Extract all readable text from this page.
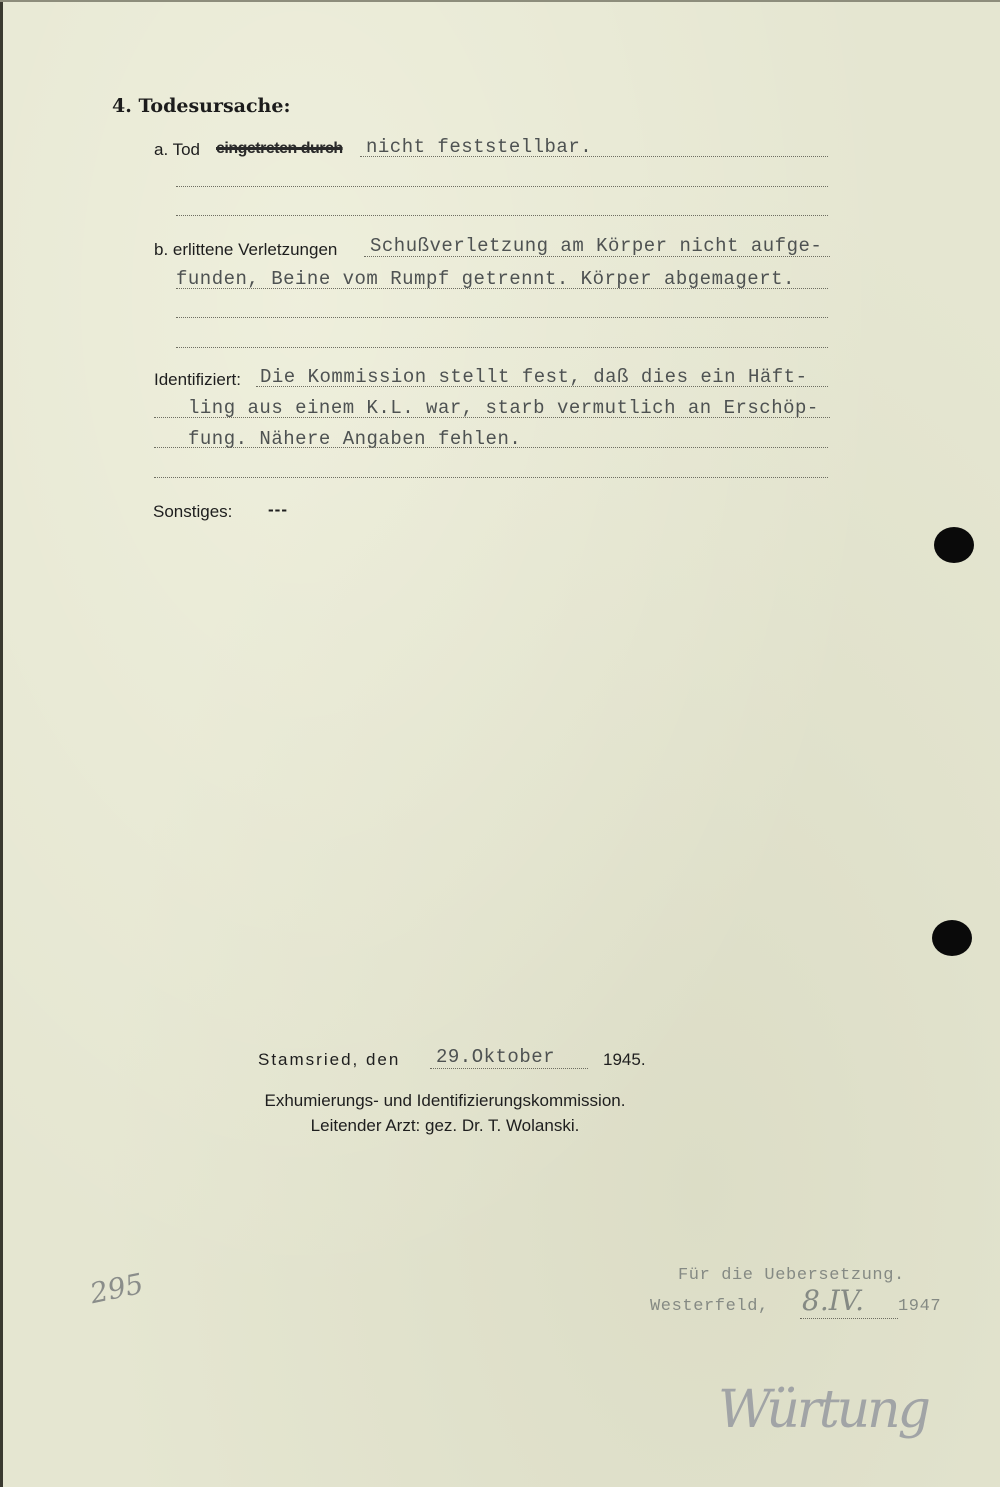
4. Todesursache:
a. Tod eingetreten durch nicht feststellbar.
b. erlittene Verletzungen Schußverletzung am Körper nicht aufge-
funden, Beine vom Rumpf getrennt. Körper abgemagert.
Identifiziert: Die Kommission stellt fest, daß dies ein Häft-
ling aus einem K.L. war, starb vermutlich an Erschöp-
fung. Nähere Angaben fehlen.
Sonstiges: ---
Stamsried, den 29.Oktober	1945.
Exhumierungs- und Identifizierungskommission.
Leitender Arzt: gez. Dr. T. Wolanski.
295	Für die Uebersetzung.
Westerfeld, 8.IV. 1947
Würtung
